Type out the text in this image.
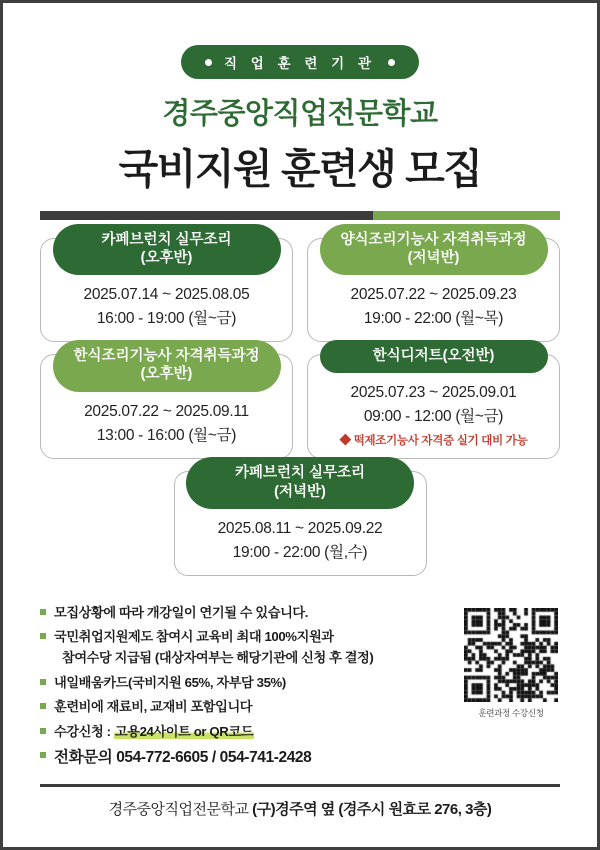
직 업 훈 련 기 관
경주중앙직업전문학교
국비지원 훈련생 모집
카페브런치 실무조리
(오후반)
2025.07.14 ~ 2025.08.05
16:00 - 19:00 (월~금)
양식조리기능사 자격취득과정
(저녁반)
2025.07.22 ~ 2025.09.23
19:00 - 22:00 (월~목)
한식조리기능사 자격취득과정
(오후반)
2025.07.22 ~ 2025.09.11
13:00 - 16:00 (월~금)
한식디저트(오전반)
2025.07.23 ~ 2025.09.01
09:00 - 12:00 (월~금)
◆ 떡제조기능사 자격증 실기 대비 가능
카페브런치 실무조리
(저녁반)
2025.08.11 ~ 2025.09.22
19:00 - 22:00 (월,수)
모집상황에 따라 개강일이 연기될 수 있습니다.
국민취업지원제도 참여시 교육비 최대 100%지원과
참여수당 지급됨 (대상자여부는 해당기관에 신청 후 결정)
내일배움카드(국비지원 65%, 자부담 35%)
훈련비에 재료비, 교재비 포함입니다
수강신청 : 고용24사이트 or QR코드
전화문의 054-772-6605 / 054-741-2428
훈련과정 수강신청
경주중앙직업전문학교 (구)경주역 옆 (경주시 원효로 276, 3층)
